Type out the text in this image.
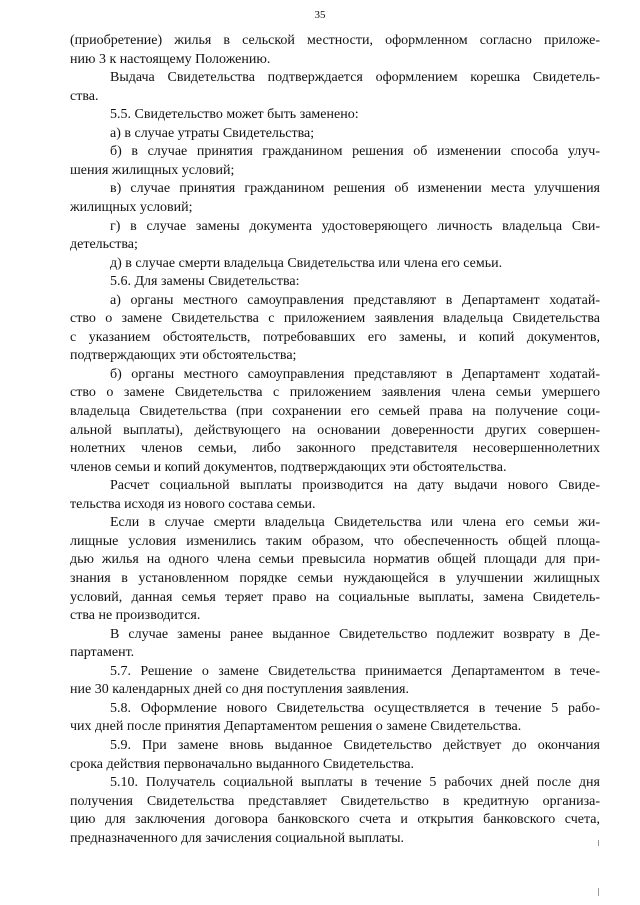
35
(приобретение) жилья в сельской местности, оформленном согласно приложе-
нию 3 к настоящему Положению.
Выдача Свидетельства подтверждается оформлением корешка Свидетель-
ства.
5.5. Свидетельство может быть заменено:
а) в случае утраты Свидетельства;
б) в случае принятия гражданином решения об изменении способа улуч-
шения жилищных условий;
в) случае принятия гражданином решения об изменении места улучшения
жилищных условий;
г) в случае замены документа удостоверяющего личность владельца Сви-
детельства;
д) в случае смерти владельца Свидетельства или члена его семьи.
5.6. Для замены Свидетельства:
а) органы местного самоуправления представляют в Департамент ходатай-
ство о замене Свидетельства с приложением заявления владельца Свидетельства
с указанием обстоятельств, потребовавших его замены, и копий документов,
подтверждающих эти обстоятельства;
б) органы местного самоуправления представляют в Департамент ходатай-
ство о замене Свидетельства с приложением заявления члена семьи умершего
владельца Свидетельства (при сохранении его семьей права на получение соци-
альной выплаты), действующего на основании доверенности других совершен-
нолетних членов семьи, либо законного представителя несовершеннолетних
членов семьи и копий документов, подтверждающих эти обстоятельства.
Расчет социальной выплаты производится на дату выдачи нового Свиде-
тельства исходя из нового состава семьи.
Если в случае смерти владельца Свидетельства или члена его семьи жи-
лищные условия изменились таким образом, что обеспеченность общей площа-
дью жилья на одного члена семьи превысила норматив общей площади для при-
знания в установленном порядке семьи нуждающейся в улучшении жилищных
условий, данная семья теряет право на социальные выплаты, замена Свидетель-
ства не производится.
В случае замены ранее выданное Свидетельство подлежит возврату в Де-
партамент.
5.7. Решение о замене Свидетельства принимается Департаментом в тече-
ние 30 календарных дней со дня поступления заявления.
5.8. Оформление нового Свидетельства осуществляется в течение 5 рабо-
чих дней после принятия Департаментом решения о замене Свидетельства.
5.9. При замене вновь выданное Свидетельство действует до окончания
срока действия первоначально выданного Свидетельства.
5.10. Получатель социальной выплаты в течение 5 рабочих дней после дня
получения Свидетельства представляет Свидетельство в кредитную организа-
цию для заключения договора банковского счета и открытия банковского счета,
предназначенного для зачисления социальной выплаты.
